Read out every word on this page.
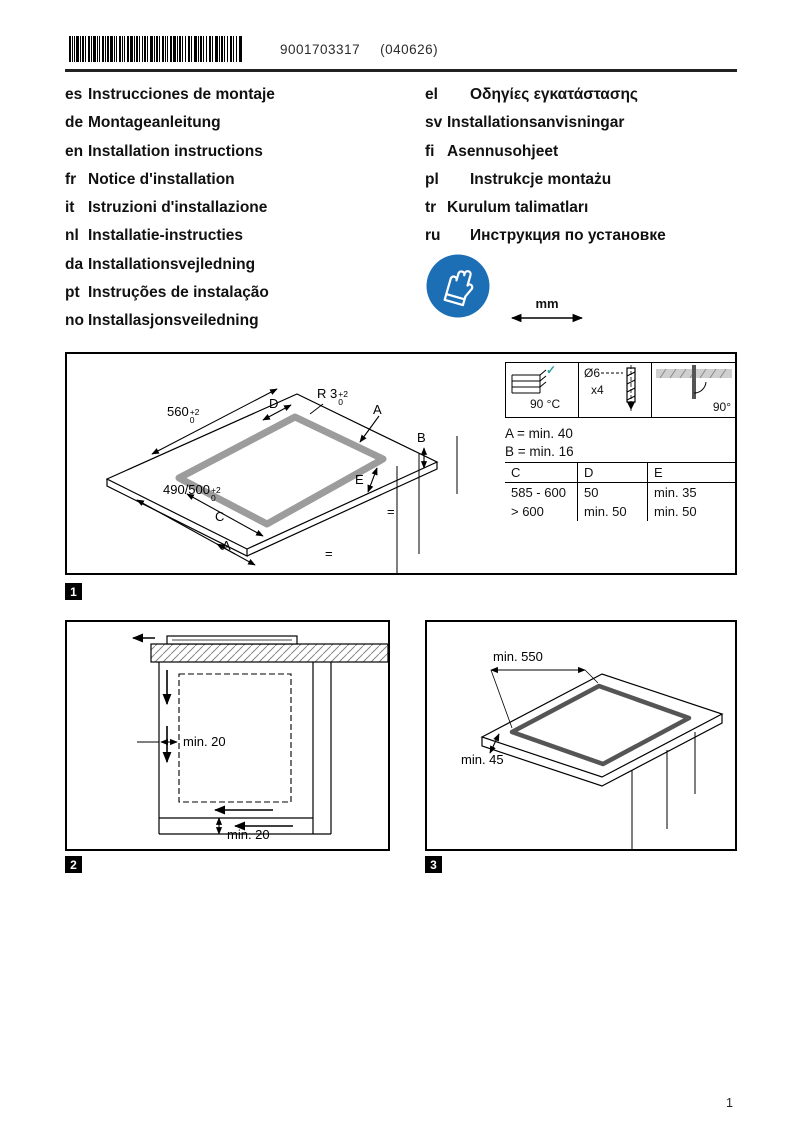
9001703317 (040626)
es Instrucciones de montaje
de Montageanleitung
en Installation instructions
fr Notice d'installation
it Istruzioni d'installazione
nl Installatie-instructies
da Installationsvejledning
pt Instruções de instalação
no Installasjonsveiledning
el	Οδηγίες εγκατάστασης
sv Installationsanvisningar
fi Asennusohjeet
pl	Instrukcje montażu
tr Kurulum talimatları
ru	Инструкция по установке
mm
560 +2
0
R 3 +2
0
490/500 +2
0
D	A
B
E
C
A
=
=
✓
90 °C
Ø6
x4
90°
A = min. 40
B = min. 16
C	D	E
585 - 600	50	min. 35
> 600	min. 50	min. 50
1
min. 20
min. 20
2
min. 550
min. 45
3
1
